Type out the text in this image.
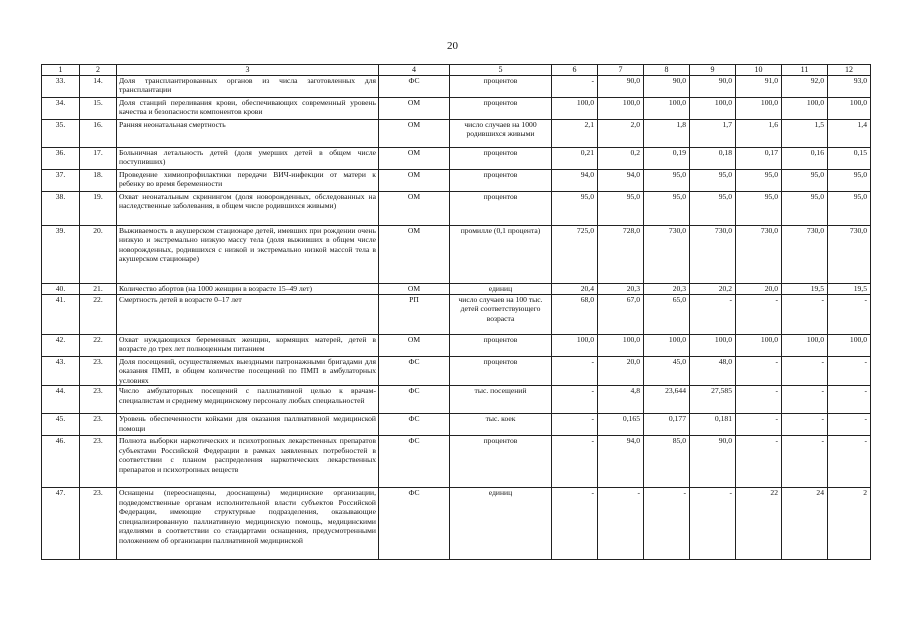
20
1	2	3	4	5	6	7	8	9	10	11	12
33.	14.	Доля трансплантированных органов из числа заготовленных для трансплантации	ФС	процентов	-	90,0	90,0	90,0	91,0	92,0	93,0
34.	15.	Доля станций переливания крови, обеспечивающих современный уровень качества и безопасности компонентов крови	ОМ	процентов	100,0	100,0	100,0	100,0	100,0	100,0	100,0
35.	16.	Ранняя неонатальная смертность	ОМ	число случаев на 1000 родившихся живыми	2,1	2,0	1,8	1,7	1,6	1,5	1,4
36.	17.	Больничная летальность детей (доля умерших детей в общем числе поступивших)	ОМ	процентов	0,21	0,2	0,19	0,18	0,17	0,16	0,15
37.	18.	Проведение химиопрофилактики передачи ВИЧ-инфекции от матери к ребенку во время беременности	ОМ	процентов	94,0	94,0	95,0	95,0	95,0	95,0	95,0
38.	19.	Охват неонатальным скринингом (доля новорожденных, обследованных на наследственные заболевания, в общем числе родившихся живыми)	ОМ	процентов	95,0	95,0	95,0	95,0	95,0	95,0	95,0
39.	20.	Выживаемость в акушерском стационаре детей, имевших при рождении очень низкую и экстремально низкую массу тела (доля выживших в общем числе новорожденных, родившихся с низкой и экстремально низкой массой тела в акушерском стационаре)	ОМ	промилле (0,1 процента)	725,0	728,0	730,0	730,0	730,0	730,0	730,0
40.	21.	Количество абортов (на 1000 женщин в возрасте 15–49 лет)	ОМ	единиц	20,4	20,3	20,3	20,2	20,0	19,5	19,5
41.	22.	Смертность детей в возрасте 0–17 лет	РП	число случаев на 100 тыс. детей соответствующего возраста	68,0	67,0	65,0	-	-	-	-
42.	22.	Охват нуждающихся беременных женщин, кормящих матерей, детей в возрасте до трех лет полноценным питанием	ОМ	процентов	100,0	100,0	100,0	100,0	100,0	100,0	100,0
43.	23.	Доля посещений, осуществляемых выездными патронажными бригадами для оказания ПМП, в общем количестве посещений по ПМП в амбулаторных условиях	ФС	процентов	-	20,0	45,0	48,0	-	-	-
44.	23.	Число амбулаторных посещений с паллиативной целью к врачам-специалистам и среднему медицинскому персоналу любых специальностей	ФС	тыс. посещений	-	4,8	23,644	27,585	-	-	-
45.	23.	Уровень обеспеченности койками для оказания паллиативной медицинской помощи	ФС	тыс. коек	-	0,165	0,177	0,181	-	-	-
46.	23.	Полнота выборки наркотических и психотропных лекарственных препаратов субъектами Российской Федерации в рамках заявленных потребностей в соответствии с планом распределения наркотических лекарственных препаратов и психотропных веществ	ФС	процентов	-	94,0	85,0	90,0	-	-	-
47.	23.	Оснащены (переоснащены, дооснащены) медицинские организации, подведомственные органам исполнительной власти субъектов Российской Федерации, имеющие структурные подразделения, оказывающие специализированную паллиативную медицинскую помощь, медицинскими изделиями в соответствии со стандартами оснащения, предусмотренными положением об организации паллиативной медицинской	ФС	единиц	-	-	-	-	22	24	2
